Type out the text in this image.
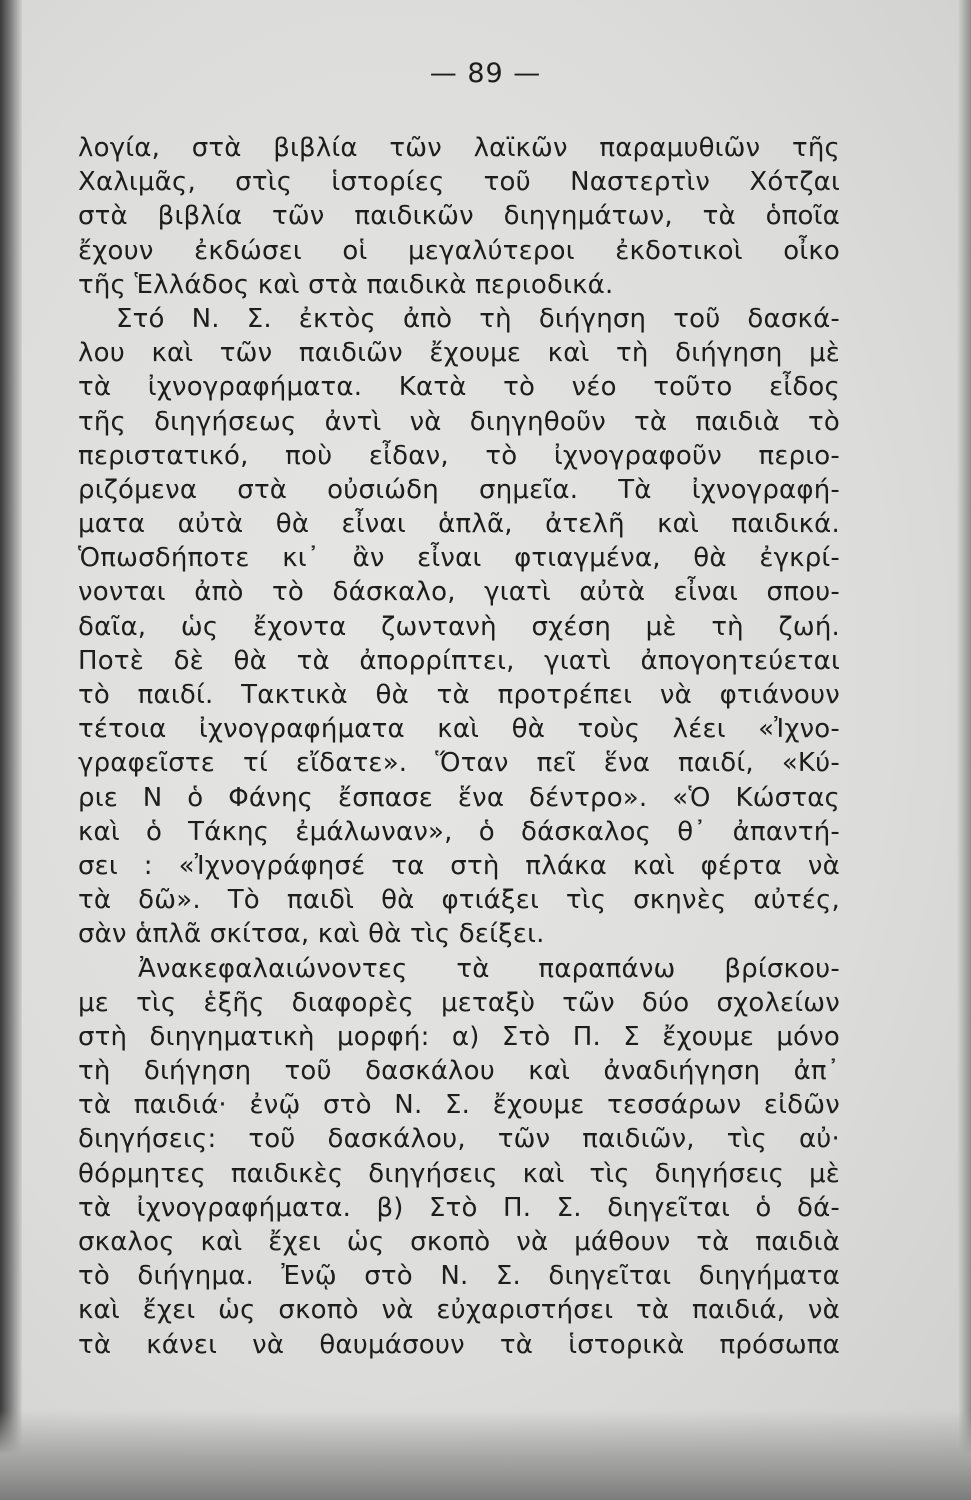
— 89 —
λογία, στὰ βιβλία τῶν λαϊκῶν παραμυθιῶν τῆς
Χαλιμᾶς, στὶς ἱστορίες τοῦ Ναστερτὶν Χότζαι
στὰ βιβλία τῶν παιδικῶν διηγημάτων, τὰ ὁποῖα
ἔχουν ἐκδώσει οἱ μεγαλύτεροι ἐκδοτικοὶ οἶκο
τῆς Ἑλλάδος καὶ στὰ παιδικὰ περιοδικά.
Στό Ν. Σ. ἐκτὸς ἀπὸ τὴ διήγηση τοῦ δασκά-
λου καὶ τῶν παιδιῶν ἔχουμε καὶ τὴ διήγηση μὲ
τὰ ἰχνογραφήματα. Κατὰ τὸ νέο τοῦτο εἶδος
τῆς διηγήσεως ἀντὶ νὰ διηγηθοῦν τὰ παιδιὰ τὸ
περιστατικό, ποὺ εἶδαν, τὸ ἰχνογραφοῦν περιο-
ριζόμενα στὰ οὐσιώδη σημεῖα. Τὰ ἰχνογραφή-
ματα αὐτὰ θὰ εἶναι ἁπλᾶ, ἀτελῆ καὶ παιδικά.
Ὁπωσδήποτε κι᾿ ἂν εἶναι φτιαγμένα, θὰ ἐγκρί-
νονται ἀπὸ τὸ δάσκαλο, γιατὶ αὐτὰ εἶναι σπου-
δαῖα, ὡς ἔχοντα ζωντανὴ σχέση μὲ τὴ ζωή.
Ποτὲ δὲ θὰ τὰ ἀπορρίπτει, γιατὶ ἀπογοητεύεται
τὸ παιδί. Τακτικὰ θὰ τὰ προτρέπει νὰ φτιάνουν
τέτοια ἰχνογραφήματα καὶ θὰ τοὺς λέει «Ἰχνο-
γραφεῖστε τί εἴδατε». Ὅταν πεῖ ἕνα παιδί, «Κύ-
ριε Ν ὁ Φάνης ἔσπασε ἕνα δέντρο». «Ὁ Κώστας
καὶ ὁ Τάκης ἐμάλωναν», ὁ δάσκαλος θ᾿ ἀπαντή-
σει : «Ἰχνογράφησέ τα στὴ πλάκα καὶ φέρτα νὰ
τὰ δῶ». Τὸ παιδὶ θὰ φτιάξει τὶς σκηνὲς αὐτές,
σὰν ἁπλᾶ σκίτσα, καὶ θὰ τὶς δείξει.
Ἀνακεφαλαιώνοντες τὰ παραπάνω βρίσκου-
με τὶς ἑξῆς διαφορὲς μεταξὺ τῶν δύο σχολείων
στὴ διηγηματικὴ μορφή: α) Στὸ Π. Σ ἔχουμε μόνο
τὴ διήγηση τοῦ δασκάλου καὶ ἀναδιήγηση ἀπ᾿
τὰ παιδιά· ἐνῷ στὸ Ν. Σ. ἔχουμε τεσσάρων εἰδῶν
διηγήσεις: τοῦ δασκάλου, τῶν παιδιῶν, τὶς αὐ·
θόρμητες παιδικὲς διηγήσεις καὶ τὶς διηγήσεις μὲ
τὰ ἰχνογραφήματα. β) Στὸ Π. Σ. διηγεῖται ὁ δά-
σκαλος καὶ ἔχει ὡς σκοπὸ νὰ μάθουν τὰ παιδιὰ
τὸ διήγημα. Ἐνῷ στὸ Ν. Σ. διηγεῖται διηγήματα
καὶ ἔχει ὡς σκοπὸ νὰ εὐχαριστήσει τὰ παιδιά, νὰ
τὰ κάνει νὰ θαυμάσουν τὰ ἱστορικὰ πρόσωπα
